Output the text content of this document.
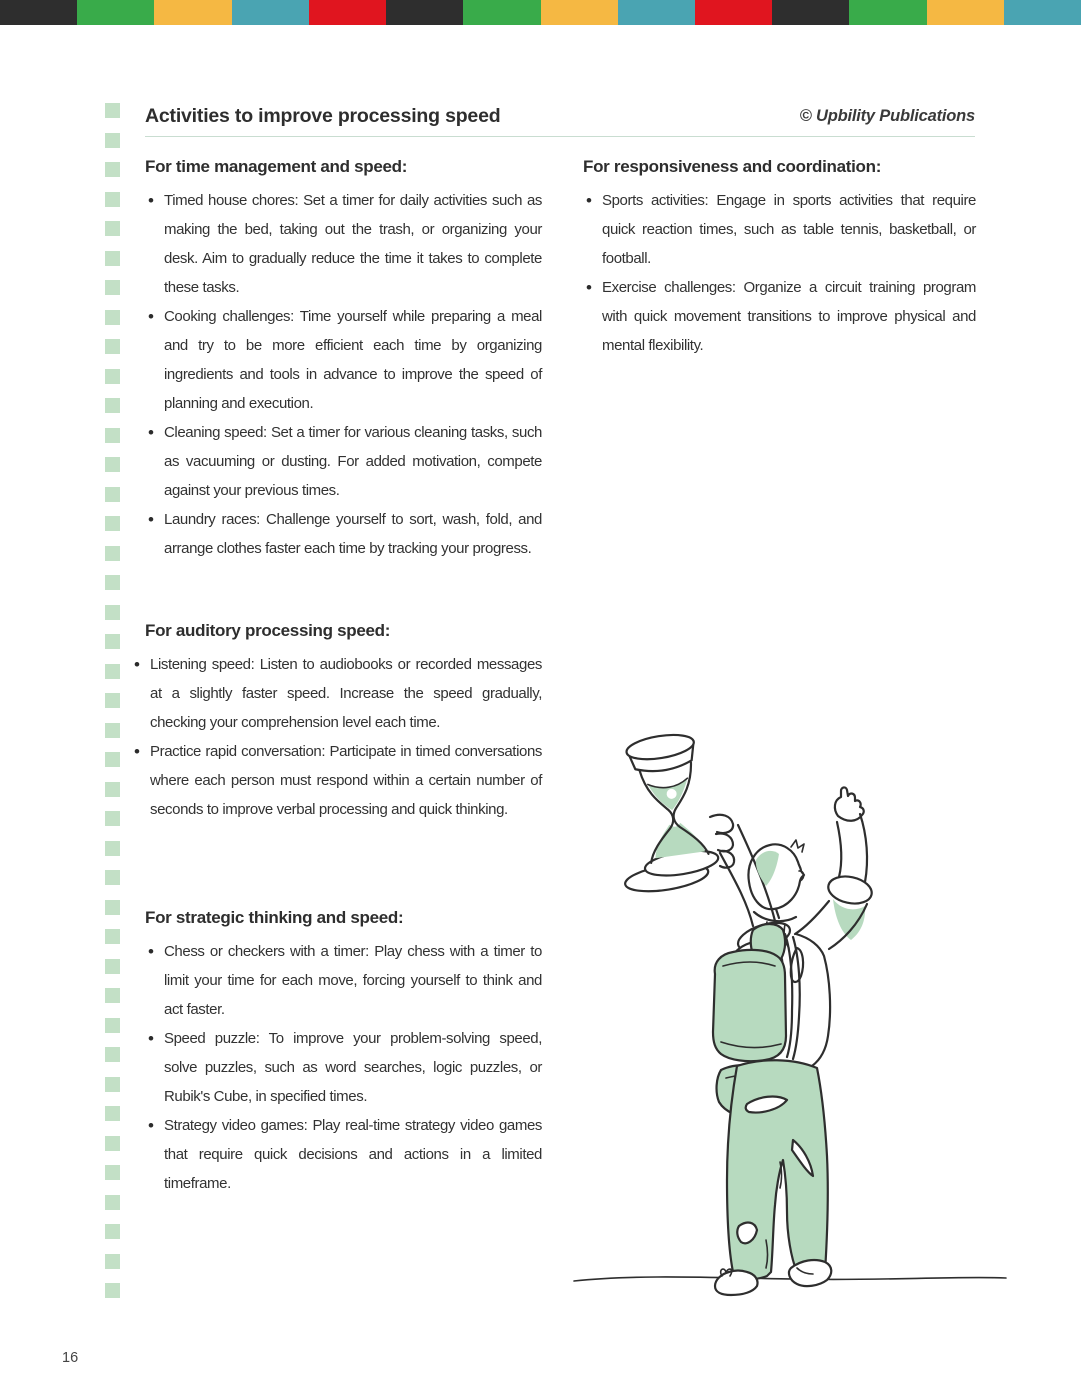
Activities to improve processing speed	© Upbility Publications
For time management and speed:
• Timed house chores: Set a timer for daily activities such as making the bed, taking out the trash, or organizing your desk. Aim to gradually reduce the time it takes to complete these tasks.
• Cooking challenges: Time yourself while preparing a meal and try to be more efficient each time by organizing ingredients and tools in advance to improve the speed of planning and execution.
• Cleaning speed: Set a timer for various cleaning tasks, such as vacuuming or dusting. For added motivation, compete against your previous times.
• Laundry races: Challenge yourself to sort, wash, fold, and arrange clothes faster each time by tracking your progress.
For auditory processing speed:
• Listening speed: Listen to audiobooks or recorded messages at a slightly faster speed. Increase the speed gradually, checking your comprehension level each time.
• Practice rapid conversation: Participate in timed conversations where each person must respond within a certain number of seconds to improve verbal processing and quick thinking.
For strategic thinking and speed:
• Chess or checkers with a timer: Play chess with a timer to limit your time for each move, forcing yourself to think and act faster.
• Speed puzzle: To improve your problem-solving speed, solve puzzles, such as word searches, logic puzzles, or Rubik's Cube, in specified times.
• Strategy video games: Play real-time strategy video games that require quick decisions and actions in a limited timeframe.
For responsiveness and coordination:
• Sports activities: Engage in sports activities that require quick reaction times, such as table tennis, basketball, or football.
• Exercise challenges: Organize a circuit training program with quick movement transitions to improve physical and mental flexibility.
16
